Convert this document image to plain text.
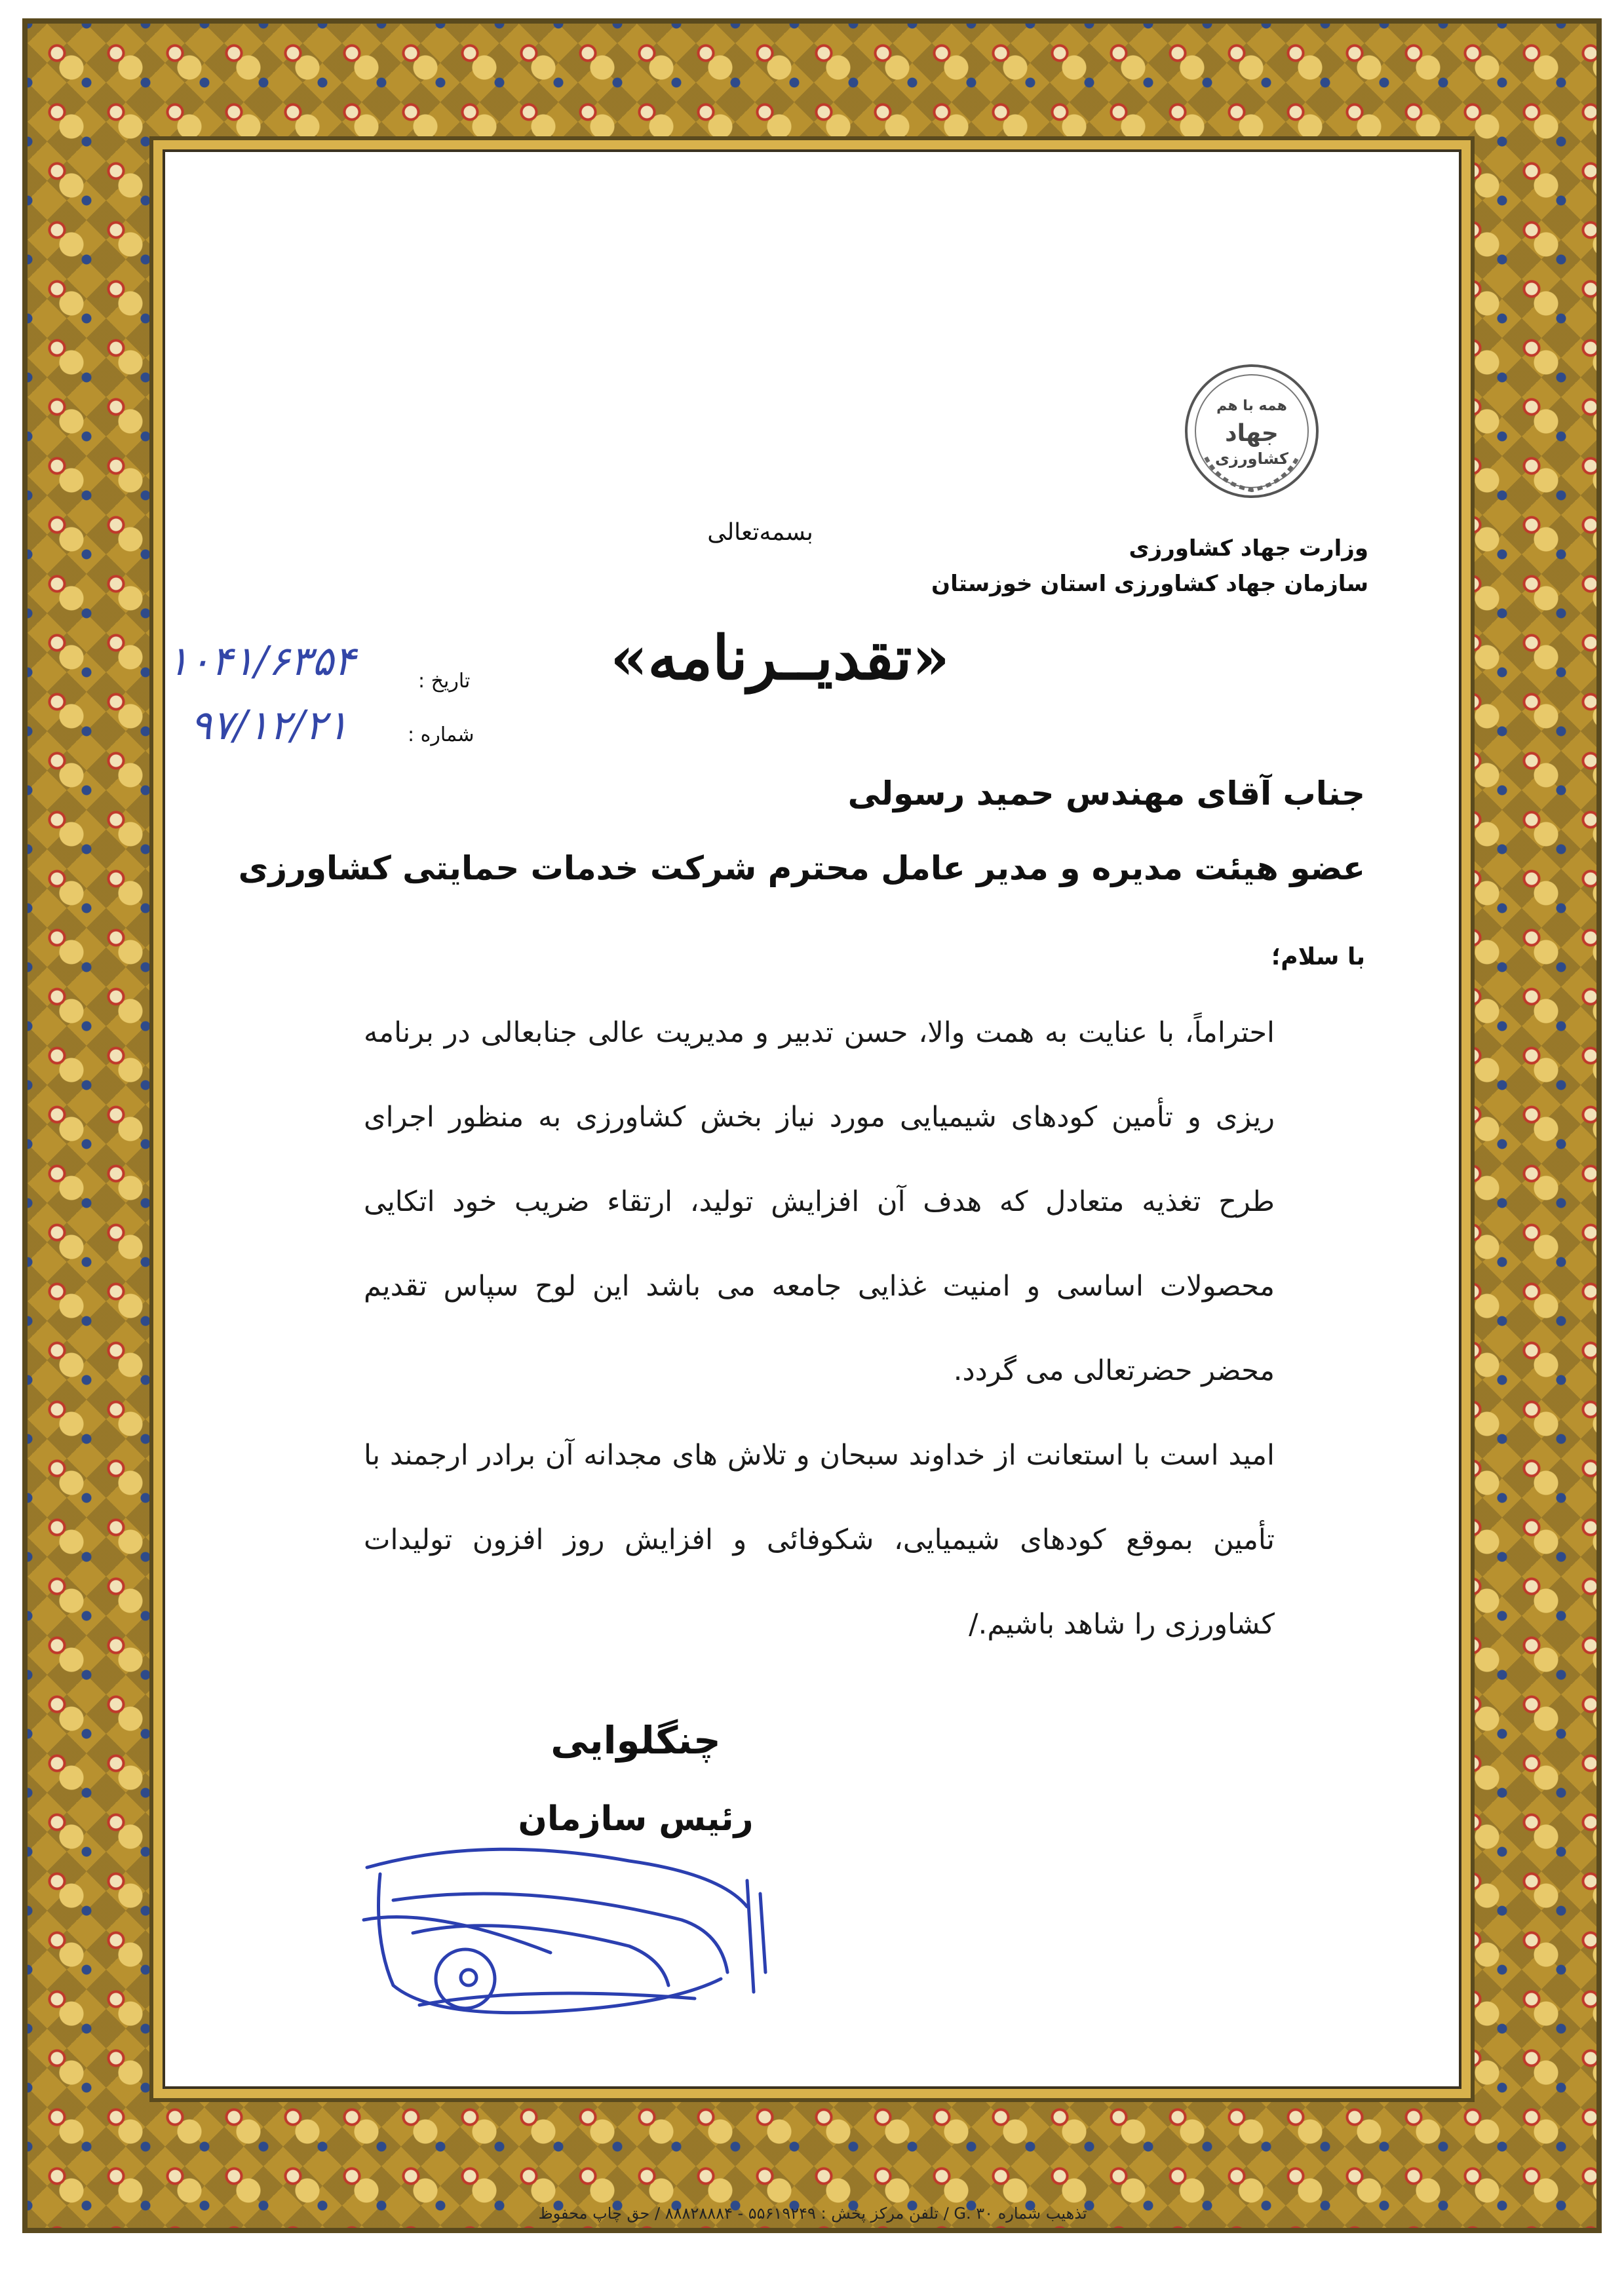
همه با هم
جهاد
کشاورزی
وزارت جهاد کشاورزی
سازمان جهاد کشاورزی استان خوزستان
بسمه‌تعالی
«تقدیــرنامه»
تاریخ :
شماره :
۱۰۴۱/۶۳۵۴
۹۷/۱۲/۲۱
جناب آقای مهندس حمید رسولی
عضو هیئت مدیره و مدیر عامل محترم شرکت خدمات حمایتی کشاورزی
با سلام؛

احتراماً، با عنایت به همت والا، حسن تدبیر و مدیریت عالی جنابعالی در برنامه ریزی و تأمین کودهای شیمیایی مورد نیاز بخش کشاورزی به منظور اجرای طرح تغذیه متعادل که هدف آن افزایش تولید، ارتقاء ضریب خود اتکایی محصولات اساسی و امنیت غذایی جامعه می باشد این لوح سپاس تقدیم محضر حضرتعالی می گردد.

امید است با استعانت از خداوند سبحان و تلاش های مجدانه آن برادر ارجمند با تأمین بموقع کودهای شیمیایی، شکوفائی و افزایش روز افزون تولیدات کشاورزی را شاهد باشیم./

چنگلوایی
رئیس سازمان
تذهیب شماره G. ۳۰ / تلفن مرکز پخش : ۵۵۶۱۹۲۴۹ - ۸۸۸۲۸۸۸۴ / حق چاپ محفوظ
